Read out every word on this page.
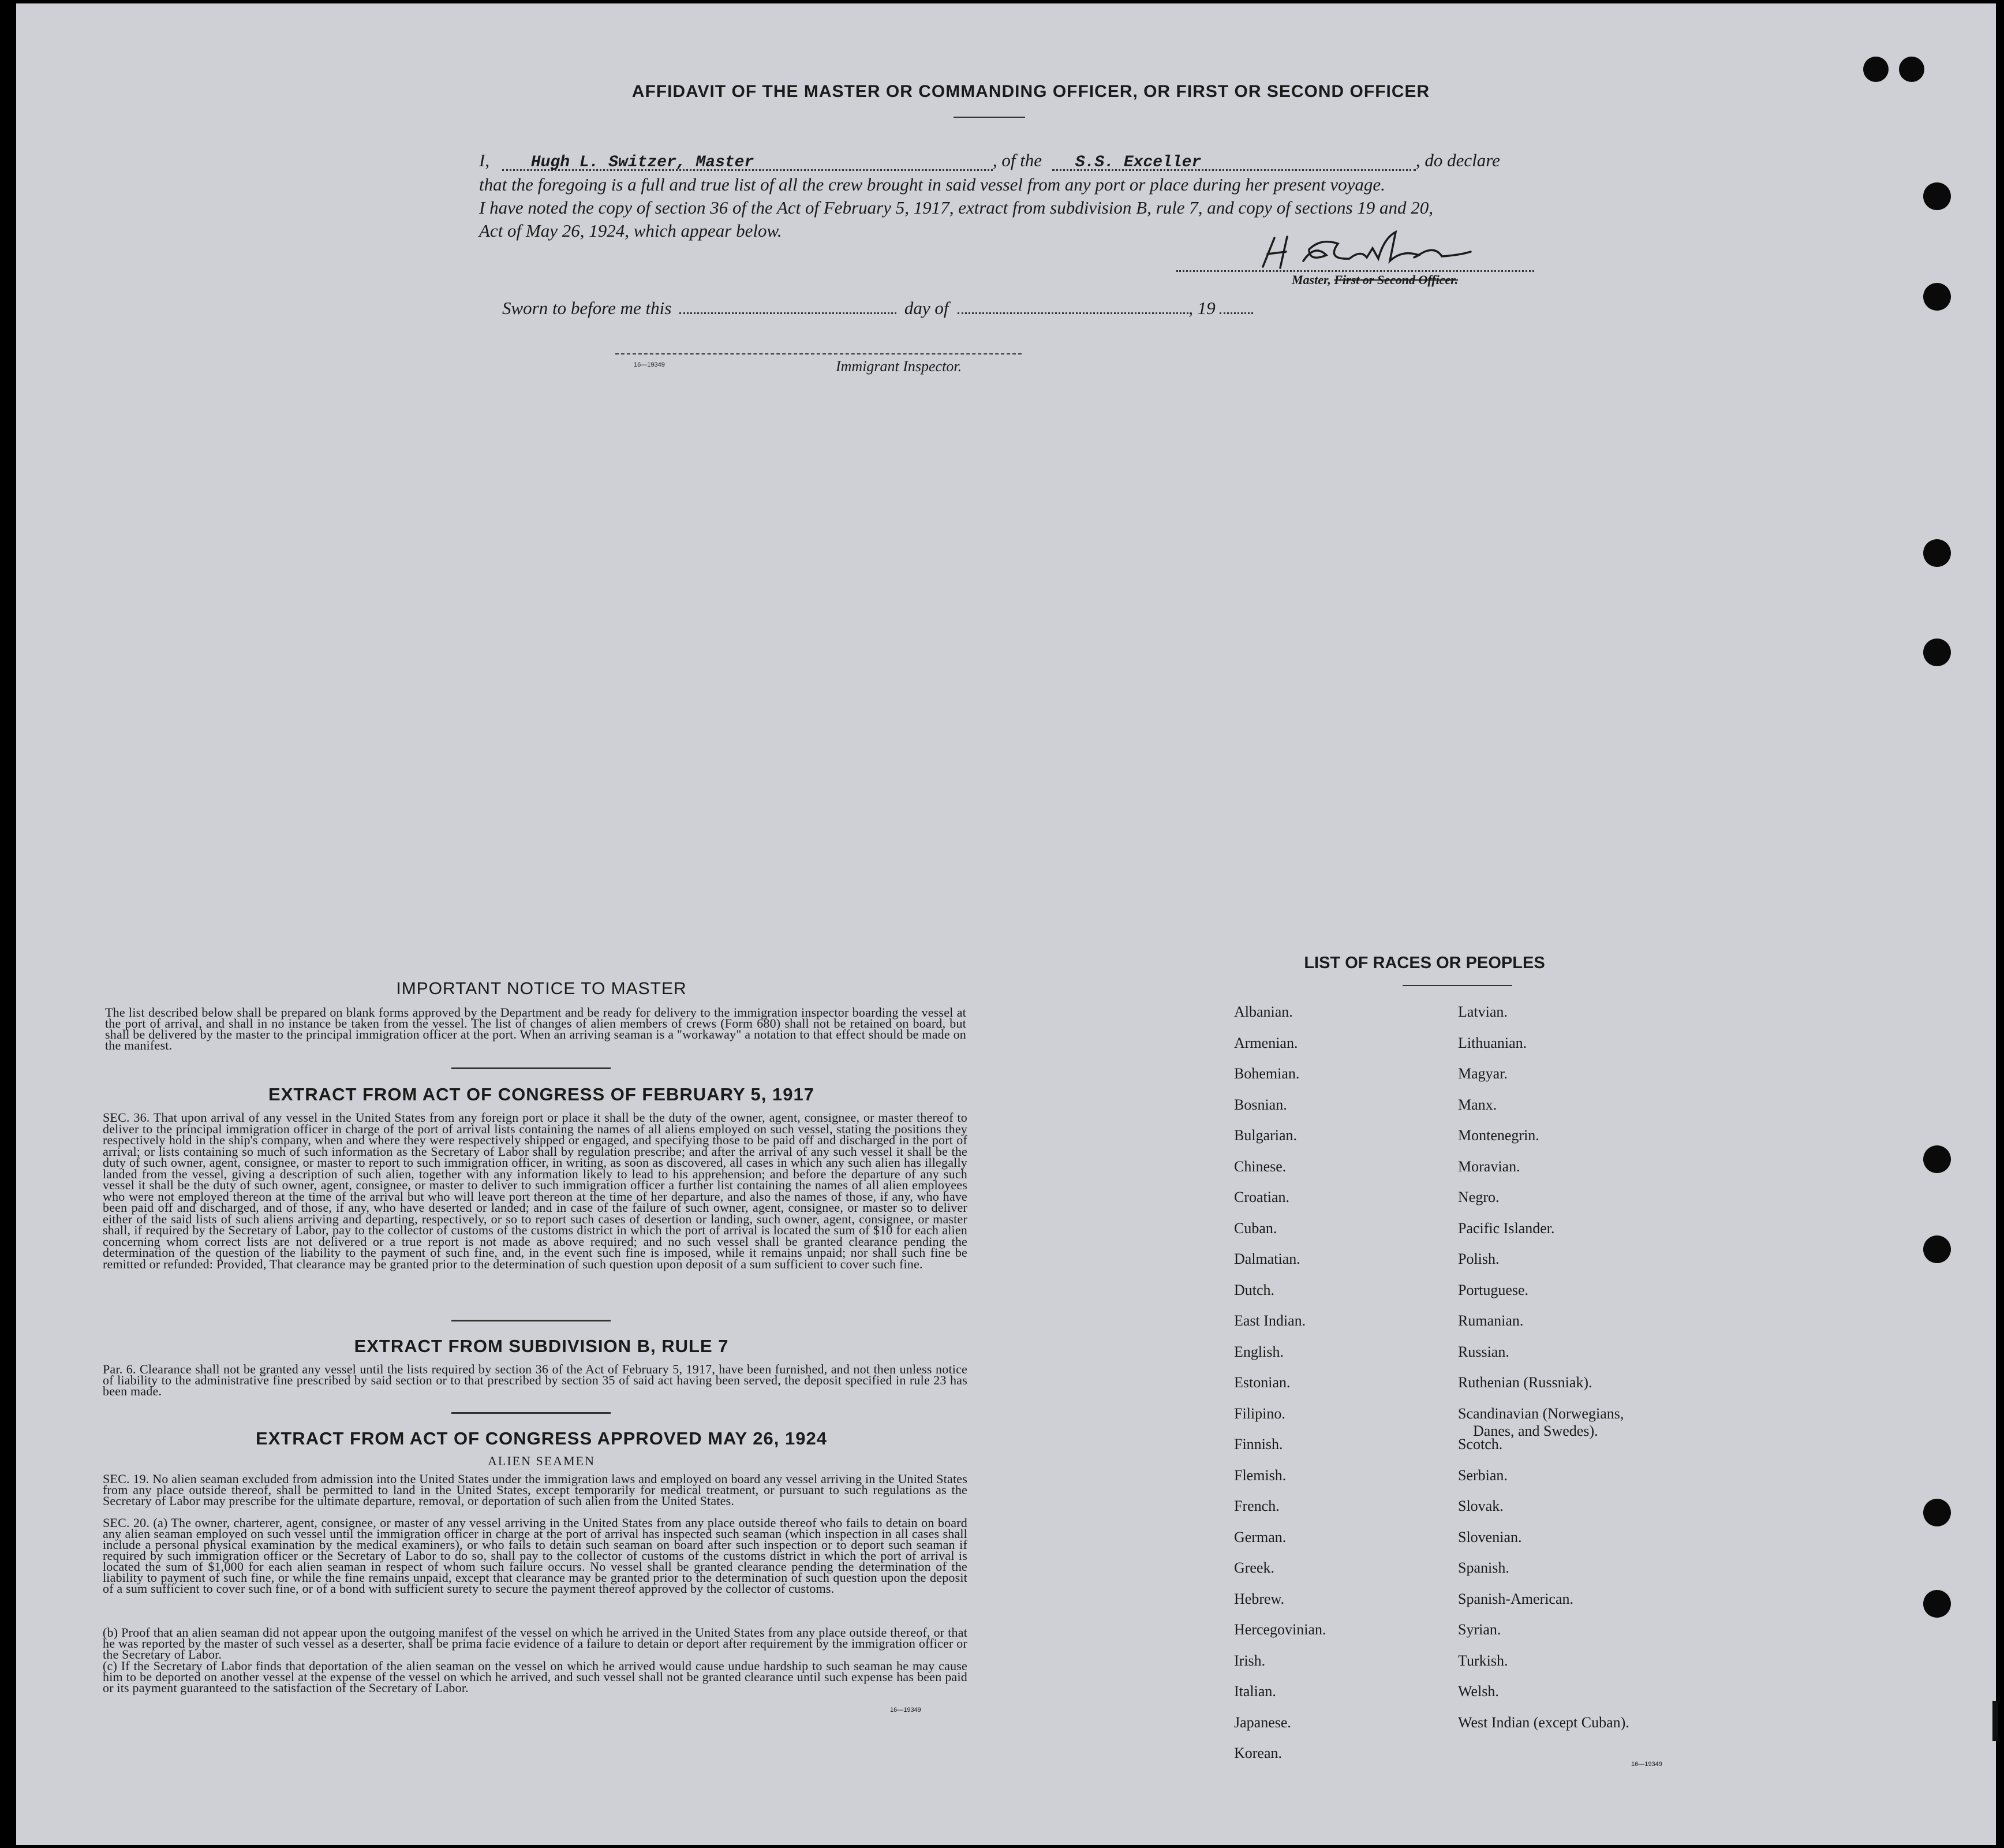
AFFIDAVIT OF THE MASTER OR COMMANDING OFFICER, OR FIRST OR SECOND OFFICER
I,	Hugh L. Switzer, Master	, of the S.S. Exceller	, do declare
that the foregoing is a full and true list of all the crew brought in said vessel from any port or place during her present voyage.
I have noted the copy of section 36 of the Act of February 5, 1917, extract from subdivision B, rule 7, and copy of sections 19 and 20,
Act of May 26, 1924, which appear below.
Master, First or Second Officer.
Sworn to before me this	day of	, 19
16—19349	Immigrant Inspector.
IMPORTANT NOTICE TO MASTER
The list described below shall be prepared on blank forms approved by the Department and be ready for delivery to the immigration inspector boarding the vessel at the port of arrival, and shall in no instance be taken from the vessel. The list of changes of alien members of crews (Form 680) shall not be retained on board, but shall be delivered by the master to the principal immigration officer at the port. When an arriving seaman is a "workaway" a notation to that effect should be made on the manifest.
EXTRACT FROM ACT OF CONGRESS OF FEBRUARY 5, 1917
SEC. 36. That upon arrival of any vessel in the United States from any foreign port or place it shall be the duty of the owner, agent, consignee, or master thereof to deliver to the principal immigration officer in charge of the port of arrival lists containing the names of all aliens employed on such vessel, stating the positions they respectively hold in the ship's company, when and where they were respectively shipped or engaged, and specifying those to be paid off and discharged in the port of arrival; or lists containing so much of such information as the Secretary of Labor shall by regulation prescribe; and after the arrival of any such vessel it shall be the duty of such owner, agent, consignee, or master to report to such immigration officer, in writing, as soon as discovered, all cases in which any such alien has illegally landed from the vessel, giving a description of such alien, together with any information likely to lead to his apprehension; and before the departure of any such vessel it shall be the duty of such owner, agent, consignee, or master to deliver to such immigration officer a further list containing the names of all alien employees who were not employed thereon at the time of the arrival but who will leave port thereon at the time of her departure, and also the names of those, if any, who have been paid off and discharged, and of those, if any, who have deserted or landed; and in case of the failure of such owner, agent, consignee, or master so to deliver either of the said lists of such aliens arriving and departing, respectively, or so to report such cases of desertion or landing, such owner, agent, consignee, or master shall, if required by the Secretary of Labor, pay to the collector of customs of the customs district in which the port of arrival is located the sum of $10 for each alien concerning whom correct lists are not delivered or a true report is not made as above required; and no such vessel shall be granted clearance pending the determination of the question of the liability to the payment of such fine, and, in the event such fine is imposed, while it remains unpaid; nor shall such fine be remitted or refunded: Provided, That clearance may be granted prior to the determination of such question upon deposit of a sum sufficient to cover such fine.
EXTRACT FROM SUBDIVISION B, RULE 7
Par. 6. Clearance shall not be granted any vessel until the lists required by section 36 of the Act of February 5, 1917, have been furnished, and not then unless notice of liability to the administrative fine prescribed by said section or to that prescribed by section 35 of said act having been served, the deposit specified in rule 23 has been made.
EXTRACT FROM ACT OF CONGRESS APPROVED MAY 26, 1924
ALIEN SEAMEN
SEC. 19. No alien seaman excluded from admission into the United States under the immigration laws and employed on board any vessel arriving in the United States from any place outside thereof, shall be permitted to land in the United States, except temporarily for medical treatment, or pursuant to such regulations as the Secretary of Labor may prescribe for the ultimate departure, removal, or deportation of such alien from the United States.
SEC. 20. (a) The owner, charterer, agent, consignee, or master of any vessel arriving in the United States from any place outside thereof who fails to detain on board any alien seaman employed on such vessel until the immigration officer in charge at the port of arrival has inspected such seaman (which inspection in all cases shall include a personal physical examination by the medical examiners), or who fails to detain such seaman on board after such inspection or to deport such seaman if required by such immigration officer or the Secretary of Labor to do so, shall pay to the collector of customs of the customs district in which the port of arrival is located the sum of $1,000 for each alien seaman in respect of whom such failure occurs. No vessel shall be granted clearance pending the determination of the liability to payment of such fine, or while the fine remains unpaid, except that clearance may be granted prior to the determination of such question upon the deposit of a sum sufficient to cover such fine, or of a bond with sufficient surety to secure the payment thereof approved by the collector of customs.
(b) Proof that an alien seaman did not appear upon the outgoing manifest of the vessel on which he arrived in the United States from any place outside thereof, or that he was reported by the master of such vessel as a deserter, shall be prima facie evidence of a failure to detain or deport after requirement by the immigration officer or the Secretary of Labor.
(c) If the Secretary of Labor finds that deportation of the alien seaman on the vessel on which he arrived would cause undue hardship to such seaman he may cause him to be deported on another vessel at the expense of the vessel on which he arrived, and such vessel shall not be granted clearance until such expense has been paid or its payment guaranteed to the satisfaction of the Secretary of Labor.
16—19349
LIST OF RACES OR PEOPLES
16—19349
Albanian.
Armenian.
Bohemian.
Bosnian.
Bulgarian.
Chinese.
Croatian.
Cuban.
Dalmatian.
Dutch.
East Indian.
English.
Estonian.
Filipino.
Finnish.
Flemish.
French.
German.
Greek.
Hebrew.
Hercegovinian.
Irish.
Italian.
Japanese.
Korean.
Latvian.
Lithuanian.
Magyar.
Manx.
Montenegrin.
Moravian.
Negro.
Pacific Islander.
Polish.
Portuguese.
Rumanian.
Russian.
Ruthenian (Russniak).
Scandinavian (Norwegians,
Danes, and Swedes).
Scotch.
Serbian.
Slovak.
Slovenian.
Spanish.
Spanish-American.
Syrian.
Turkish.
Welsh.
West Indian (except Cuban).
